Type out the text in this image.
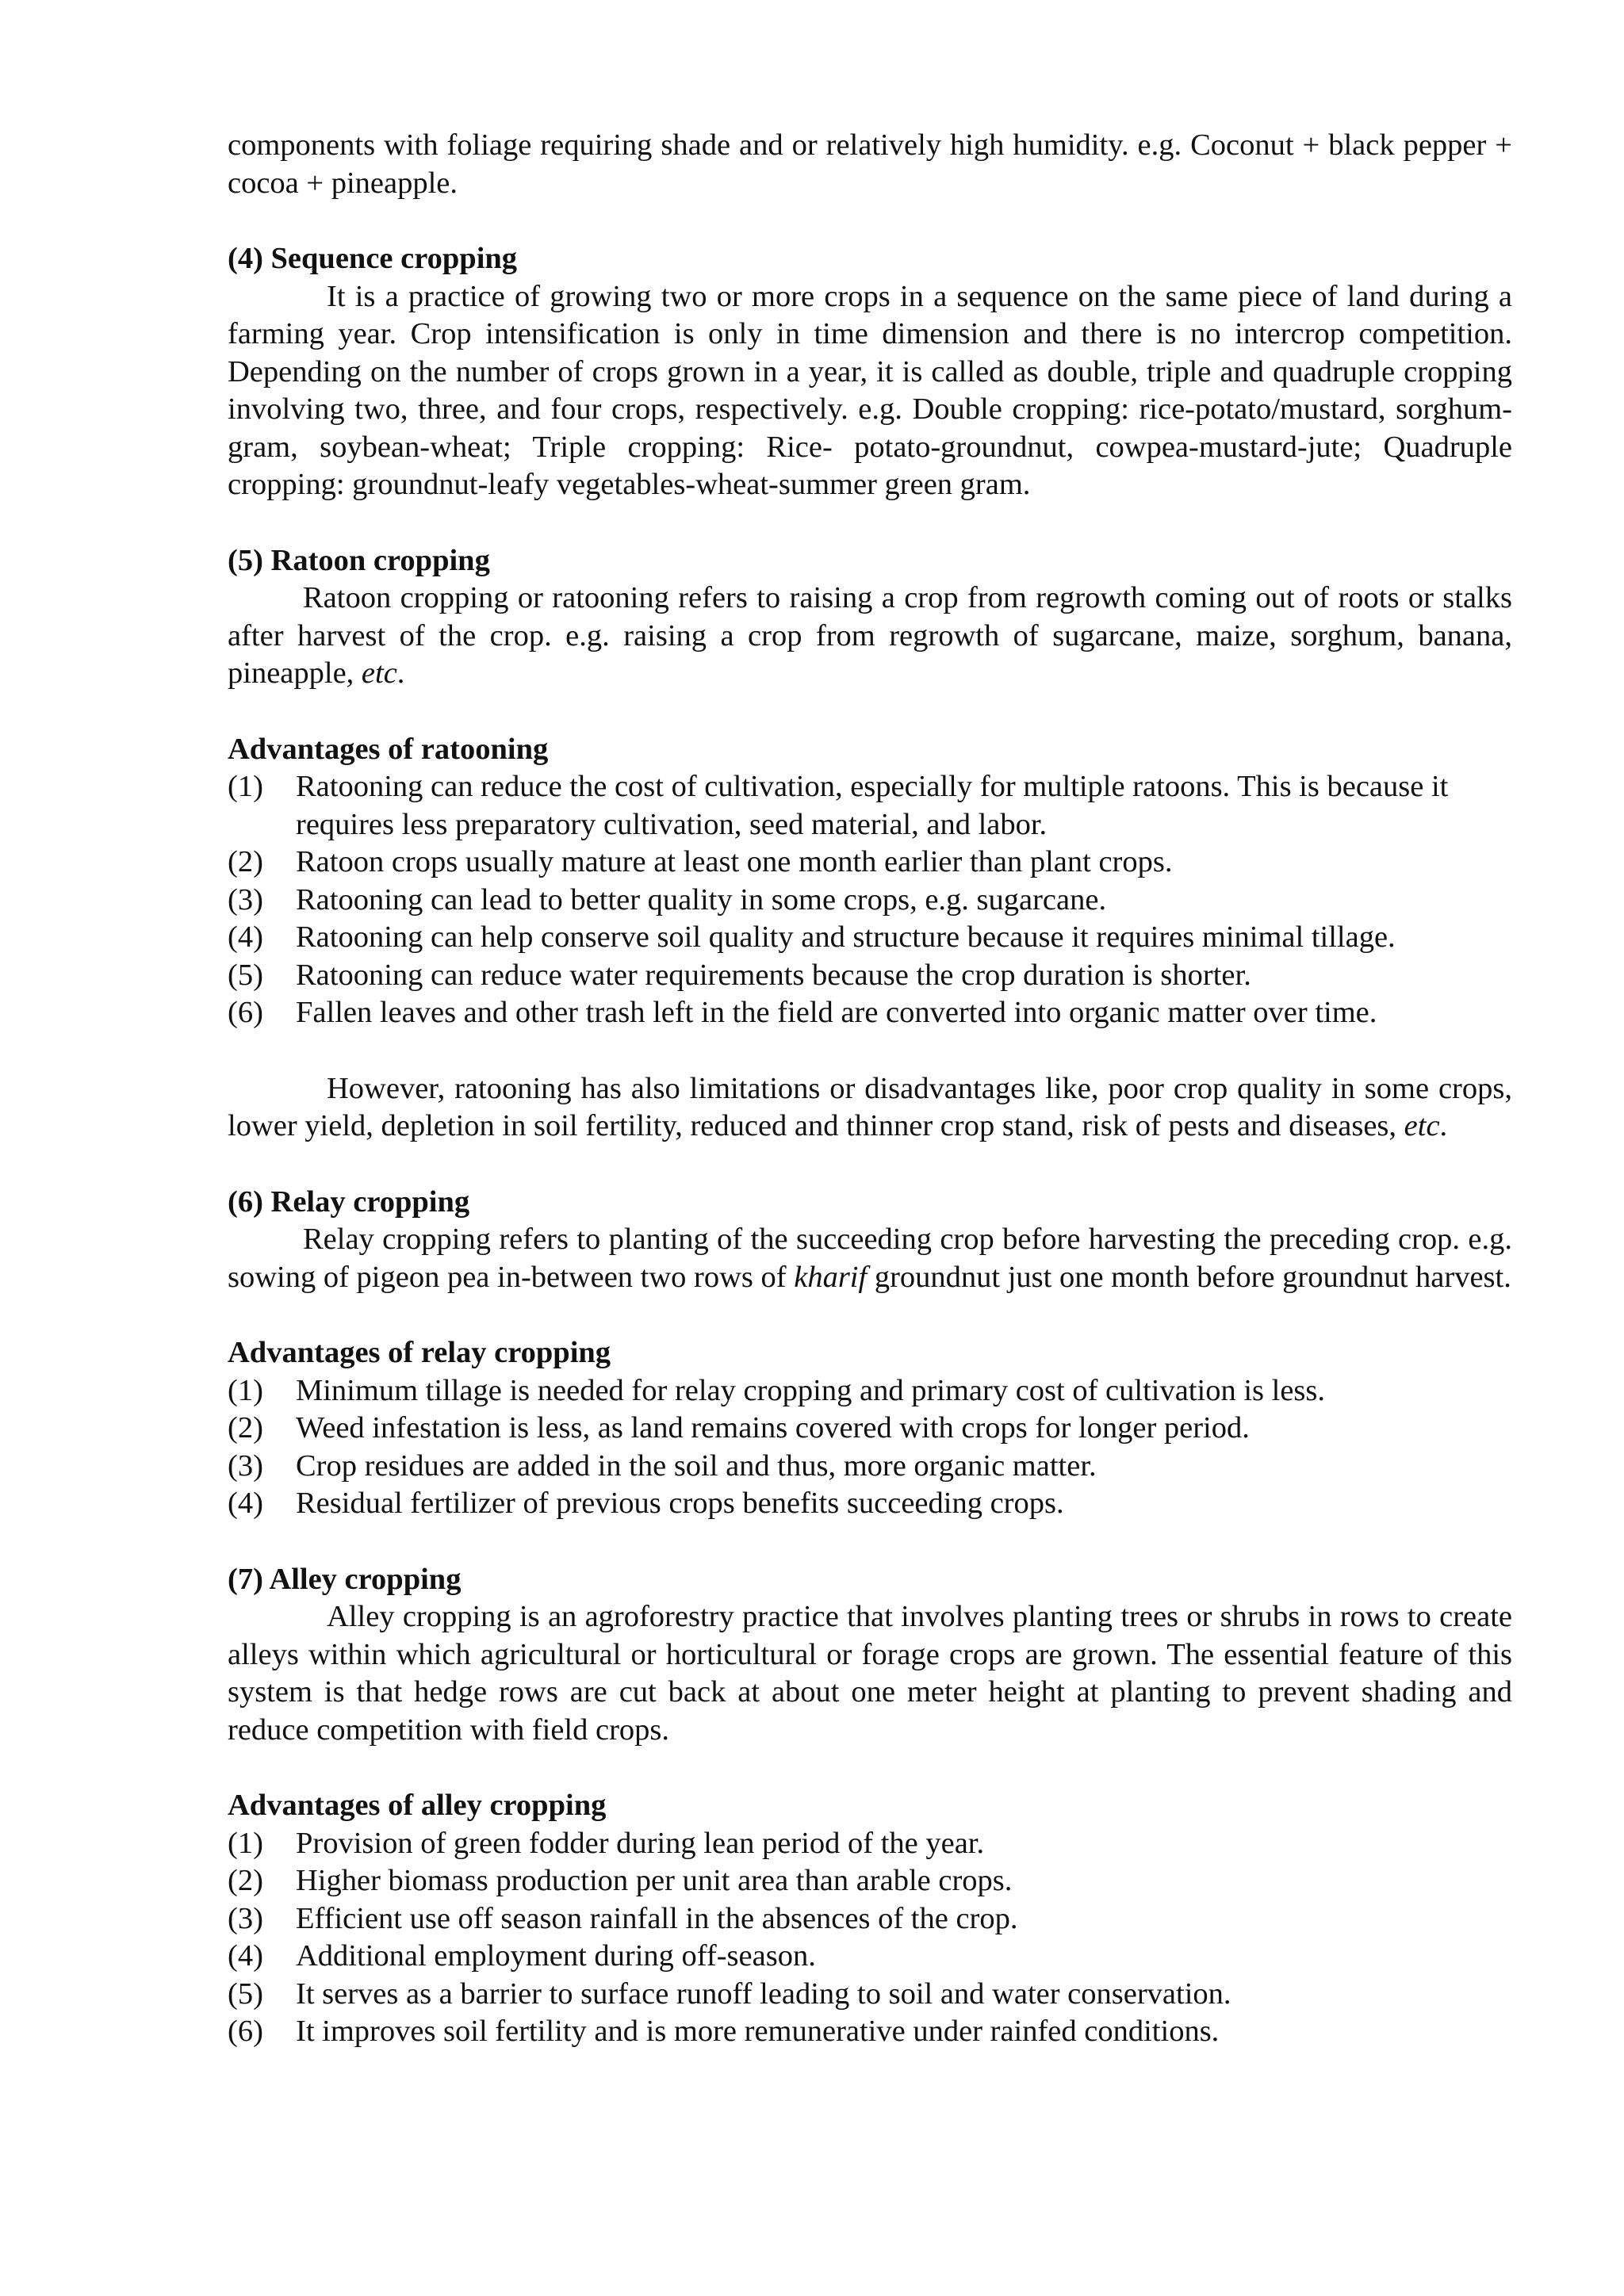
components with foliage requiring shade and or relatively high humidity. e.g. Coconut + black pepper + cocoa + pineapple.

(4) Sequence cropping

It is a practice of growing two or more crops in a sequence on the same piece of land during a farming year. Crop intensification is only in time dimension and there is no intercrop competition. Depending on the number of crops grown in a year, it is called as double, triple and quadruple cropping involving two, three, and four crops, respectively. e.g. Double cropping: rice-potato/mustard, sorghum-gram, soybean-wheat; Triple cropping: Rice- potato-groundnut, cowpea-mustard-jute; Quadruple cropping: groundnut-leafy vegetables-wheat-summer green gram.

(5) Ratoon cropping

Ratoon cropping or ratooning refers to raising a crop from regrowth coming out of roots or stalks after harvest of the crop. e.g. raising a crop from regrowth of sugarcane, maize, sorghum, banana, pineapple, etc.

Advantages of ratooning
(1)	Ratooning can reduce the cost of cultivation, especially for multiple ratoons. This is because it requires less preparatory cultivation, seed material, and labor.
(2)	Ratoon crops usually mature at least one month earlier than plant crops.
(3)	Ratooning can lead to better quality in some crops, e.g. sugarcane.
(4)	Ratooning can help conserve soil quality and structure because it requires minimal tillage.
(5)	Ratooning can reduce water requirements because the crop duration is shorter.
(6)	Fallen leaves and other trash left in the field are converted into organic matter over time.

However, ratooning has also limitations or disadvantages like, poor crop quality in some crops, lower yield, depletion in soil fertility, reduced and thinner crop stand, risk of pests and diseases, etc.

(6) Relay cropping

Relay cropping refers to planting of the succeeding crop before harvesting the preceding crop. e.g. sowing of pigeon pea in-between two rows of kharif groundnut just one month before groundnut harvest.

Advantages of relay cropping
(1)	Minimum tillage is needed for relay cropping and primary cost of cultivation is less.
(2)	Weed infestation is less, as land remains covered with crops for longer period.
(3)	Crop residues are added in the soil and thus, more organic matter.
(4)	Residual fertilizer of previous crops benefits succeeding crops.
(7) Alley cropping

Alley cropping is an agroforestry practice that involves planting trees or shrubs in rows to create alleys within which agricultural or horticultural or forage crops are grown. The essential feature of this system is that hedge rows are cut back at about one meter height at planting to prevent shading and reduce competition with field crops.

Advantages of alley cropping
(1)	Provision of green fodder during lean period of the year.
(2)	Higher biomass production per unit area than arable crops.
(3)	Efficient use off season rainfall in the absences of the crop.
(4)	Additional employment during off-season.
(5)	It serves as a barrier to surface runoff leading to soil and water conservation.
(6)	It improves soil fertility and is more remunerative under rainfed conditions.
